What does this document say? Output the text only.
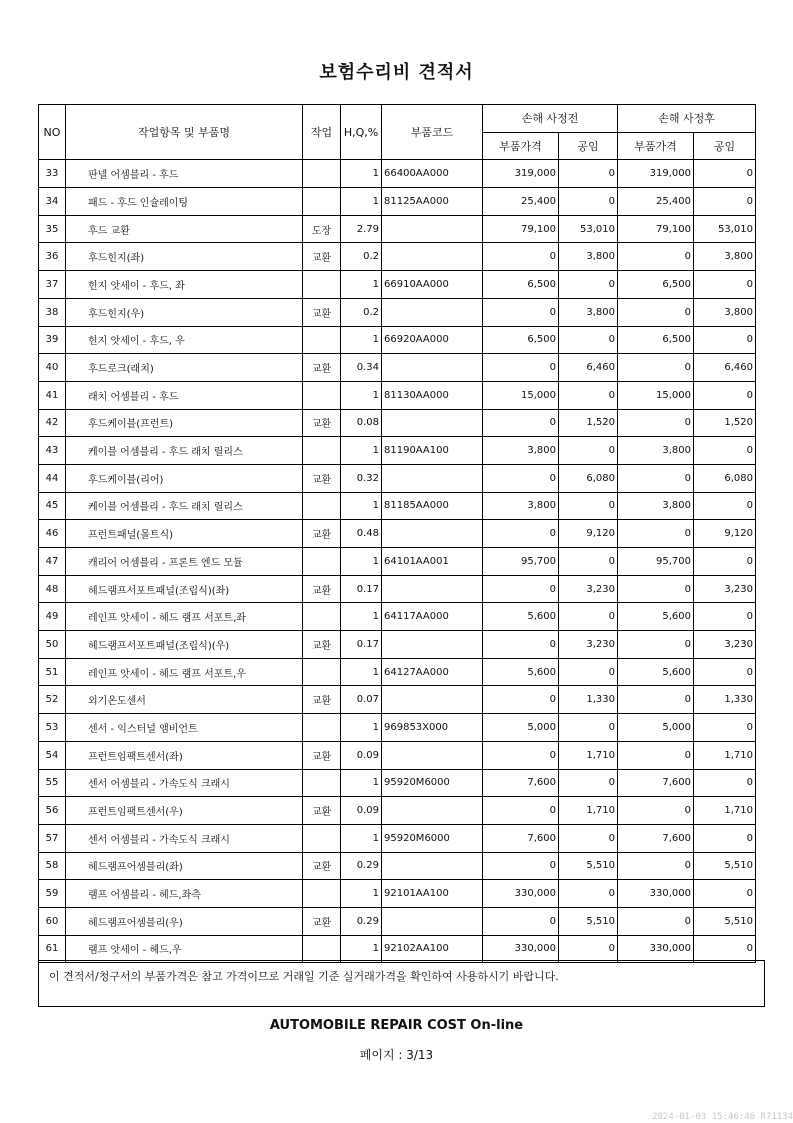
보험수리비 견적서
NO	작업항목 및 부품명	작업	H,Q,%	부품코드	손해 사정전		손해 사정후	
					부품가격	공임	부품가격	공임
33	판넬 어셈블리 - 후드		1	66400AA000	319,000	0	319,000	0
34	패드 - 후드 인슐레이팅		1	81125AA000	25,400	0	25,400	0
35	후드 교환	도장	2.79		79,100	53,010	79,100	53,010
36	후드힌지(좌)	교환	0.2		0	3,800	0	3,800
37	힌지 앗세이 - 후드, 좌		1	66910AA000	6,500	0	6,500	0
38	후드힌지(우)	교환	0.2		0	3,800	0	3,800
39	힌지 앗세이 - 후드, 우		1	66920AA000	6,500	0	6,500	0
40	후드로크(래치)	교환	0.34		0	6,460	0	6,460
41	래치 어셈블리 - 후드		1	81130AA000	15,000	0	15,000	0
42	후드케이블(프런트)	교환	0.08		0	1,520	0	1,520
43	케이블 어셈블리 - 후드 래치 릴리스		1	81190AA100	3,800	0	3,800	0
44	후드케이블(리어)	교환	0.32		0	6,080	0	6,080
45	케이블 어셈블리 - 후드 래치 릴리스		1	81185AA000	3,800	0	3,800	0
46	프런트패널(몰트식)	교환	0.48		0	9,120	0	9,120
47	캐리어 어셈블리 - 프론트 엔드 모듈		1	64101AA001	95,700	0	95,700	0
48	헤드램프서포트패널(조립식)(좌)	교환	0.17		0	3,230	0	3,230
49	레인프 앗세이 - 헤드 램프 서포트,좌		1	64117AA000	5,600	0	5,600	0
50	헤드램프서포트패널(조립식)(우)	교환	0.17		0	3,230	0	3,230
51	레인프 앗세이 - 헤드 램프 서포트,우		1	64127AA000	5,600	0	5,600	0
52	외기온도센서	교환	0.07		0	1,330	0	1,330
53	센서 - 익스터널 앰비언트		1	969853X000	5,000	0	5,000	0
54	프런트임팩트센서(좌)	교환	0.09		0	1,710	0	1,710
55	센서 어셈블리 - 가속도식 크래시		1	95920M6000	7,600	0	7,600	0
56	프런트임팩트센서(우)	교환	0.09		0	1,710	0	1,710
57	센서 어셈블리 - 가속도식 크래시		1	95920M6000	7,600	0	7,600	0
58	헤드램프어셈블리(좌)	교환	0.29		0	5,510	0	5,510
59	램프 어셈블리 - 헤드,좌측		1	92101AA100	330,000	0	330,000	0
60	헤드램프어셈블리(우)	교환	0.29		0	5,510	0	5,510
61	램프 앗세이 - 헤드,우		1	92102AA100	330,000	0	330,000	0
이 견적서/청구서의 부품가격은 참고 가격이므로 거래일 기준 실거래가격을 확인하여 사용하시기 바랍니다.
AUTOMOBILE REPAIR COST On-line
페이지 : 3/13
2024-01-03 15:46:46 R71134
